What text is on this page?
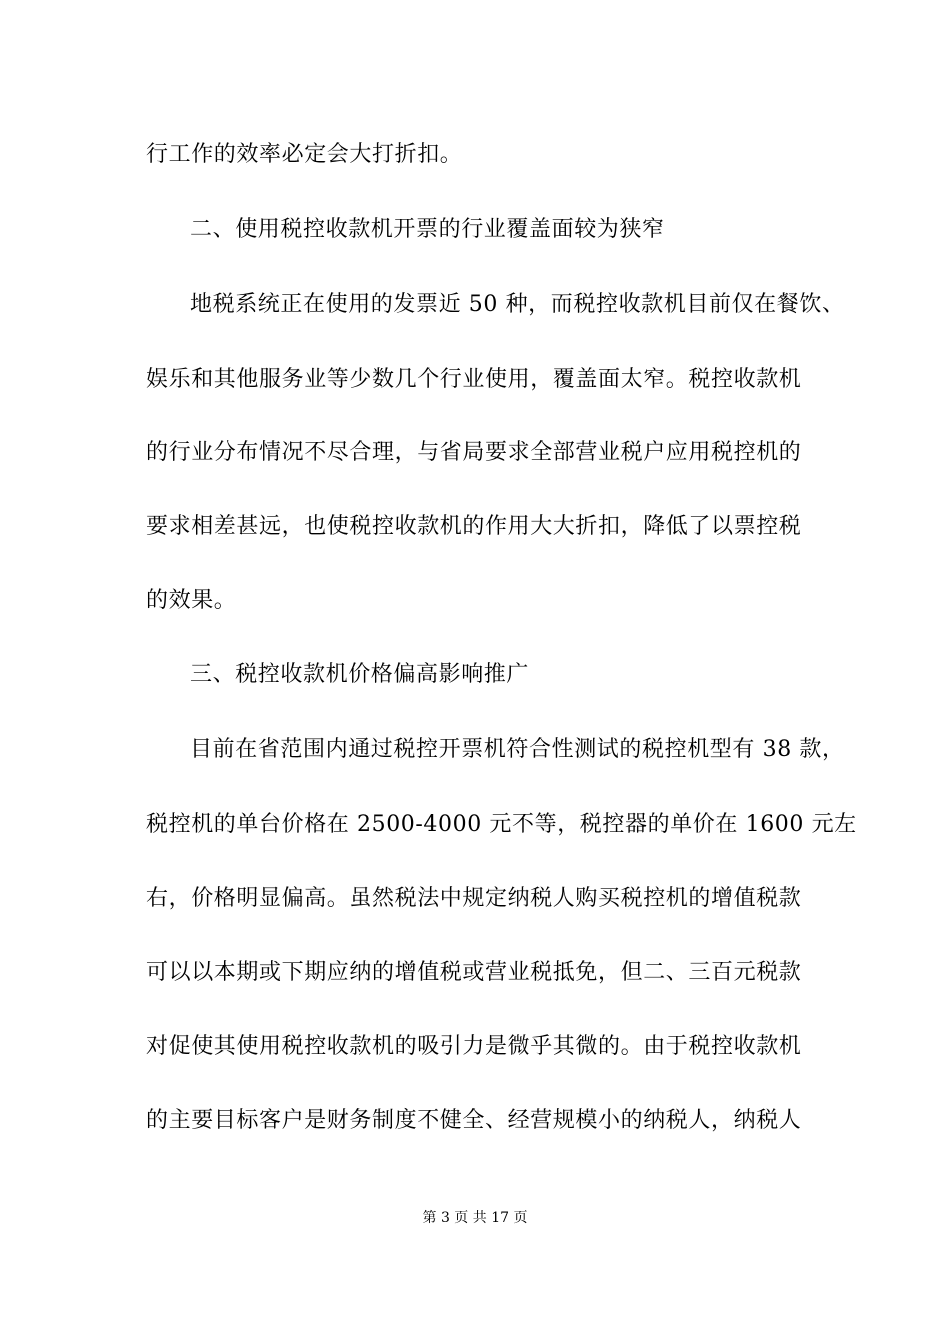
行工作的效率必定会大打折扣。
二、使用税控收款机开票的行业覆盖面较为狭窄
地税系统正在使用的发票近 50 种，而税控收款机目前仅在餐饮、
娱乐和其他服务业等少数几个行业使用，覆盖面太窄。税控收款机
的行业分布情况不尽合理，与省局要求全部营业税户应用税控机的
要求相差甚远，也使税控收款机的作用大大折扣，降低了以票控税
的效果。
三、税控收款机价格偏高影响推广
目前在省范围内通过税控开票机符合性测试的税控机型有 38 款，
税控机的单台价格在 2500-4000 元不等，税控器的单价在 1600 元左
右，价格明显偏高。虽然税法中规定纳税人购买税控机的增值税款
可以以本期或下期应纳的增值税或营业税抵免，但二、三百元税款
对促使其使用税控收款机的吸引力是微乎其微的。由于税控收款机
的主要目标客户是财务制度不健全、经营规模小的纳税人，纳税人
第 3 页 共 17 页
